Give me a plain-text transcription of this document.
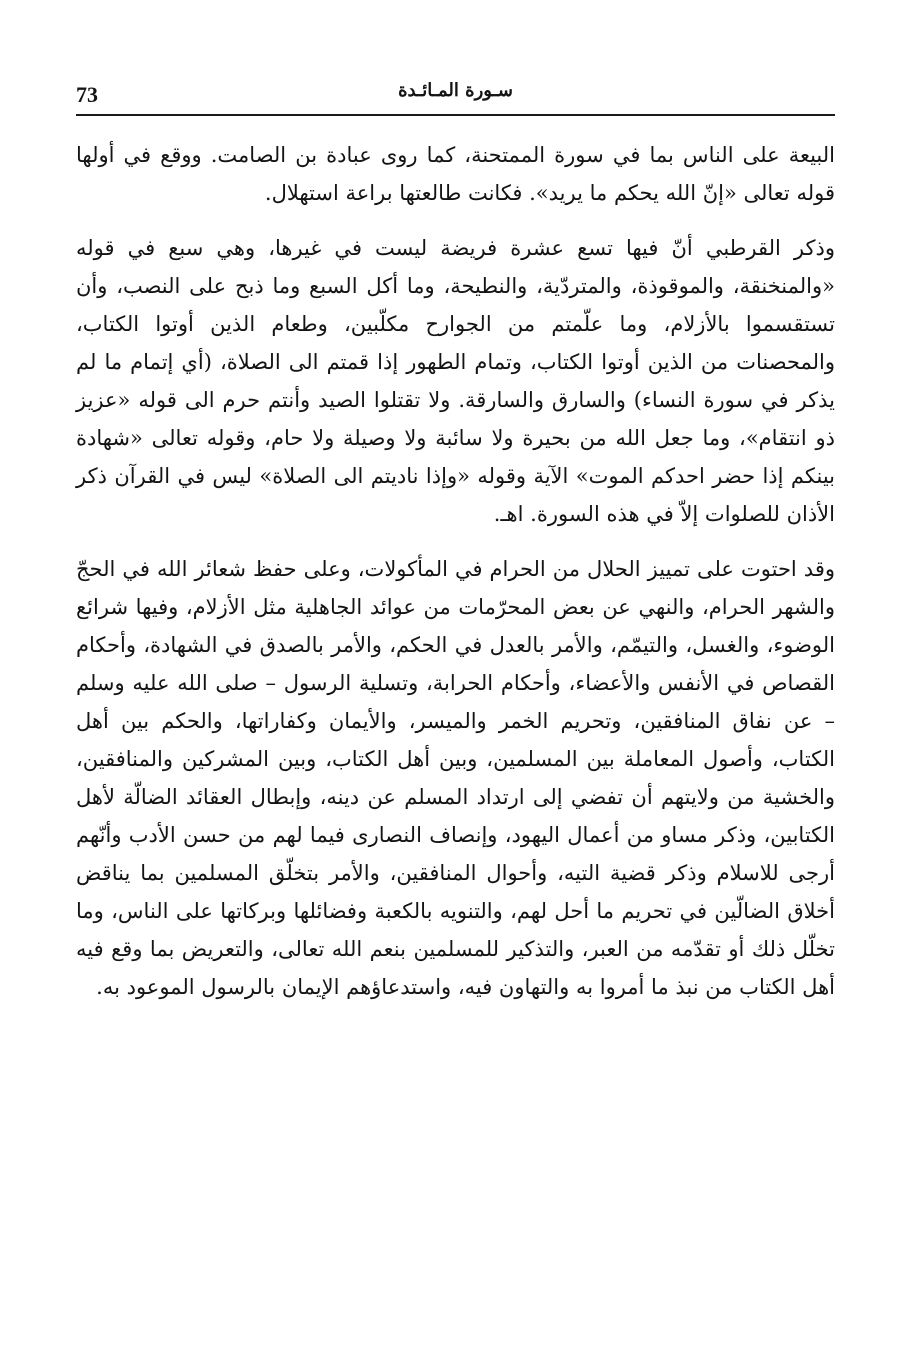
73	سـورة المـائـدة

البيعة على الناس بما في سورة الممتحنة، كما روى عبادة بن الصامت. ووقع في أولها قوله تعالى «إنّ الله يحكم ما يريد». فكانت طالعتها براعة استهلال.

وذكر القرطبي أنّ فيها تسع عشرة فريضة ليست في غيرها، وهي سبع في قوله «والمنخنقة، والموقوذة، والمتردّية، والنطيحة، وما أكل السبع وما ذبح على النصب، وأن تستقسموا بالأزلام، وما علّمتم من الجوارح مكلّبين، وطعام الذين أوتوا الكتاب، والمحصنات من الذين أوتوا الكتاب، وتمام الطهور إذا قمتم الى الصلاة، (أي إتمام ما لم يذكر في سورة النساء) والسارق والسارقة. ولا تقتلوا الصيد وأنتم حرم الى قوله «عزيز ذو انتقام»، وما جعل الله من بحيرة ولا سائبة ولا وصيلة ولا حام، وقوله تعالى «شهادة بينكم إذا حضر احدكم الموت» الآية وقوله «وإذا ناديتم الى الصلاة» ليس في القرآن ذكر الأذان للصلوات إلاّ في هذه السورة. اهـ.

وقد احتوت على تمييز الحلال من الحرام في المأكولات، وعلى حفظ شعائر الله في الحجّ والشهر الحرام، والنهي عن بعض المحرّمات من عوائد الجاهلية مثل الأزلام، وفيها شرائع الوضوء، والغسل، والتيمّم، والأمر بالعدل في الحكم، والأمر بالصدق في الشهادة، وأحكام القصاص في الأنفس والأعضاء، وأحكام الحرابة، وتسلية الرسول – صلى الله عليه وسلم – عن نفاق المنافقين، وتحريم الخمر والميسر، والأيمان وكفاراتها، والحكم بين أهل الكتاب، وأصول المعاملة بين المسلمين، وبين أهل الكتاب، وبين المشركين والمنافقين، والخشية من ولايتهم أن تفضي إلى ارتداد المسلم عن دينه، وإبطال العقائد الضالّة لأهل الكتابين، وذكر مساو من أعمال اليهود، وإنصاف النصارى فيما لهم من حسن الأدب وأنّهم أرجى للاسلام وذكر قضية التيه، وأحوال المنافقين، والأمر بتخلّق المسلمين بما يناقض أخلاق الضالّين في تحريم ما أحل لهم، والتنويه بالكعبة وفضائلها وبركاتها على الناس، وما تخلّل ذلك أو تقدّمه من العبر، والتذكير للمسلمين بنعم الله تعالى، والتعريض بما وقع فيه أهل الكتاب من نبذ ما أمروا به والتهاون فيه، واستدعاؤهم الإيمان بالرسول الموعود به.
